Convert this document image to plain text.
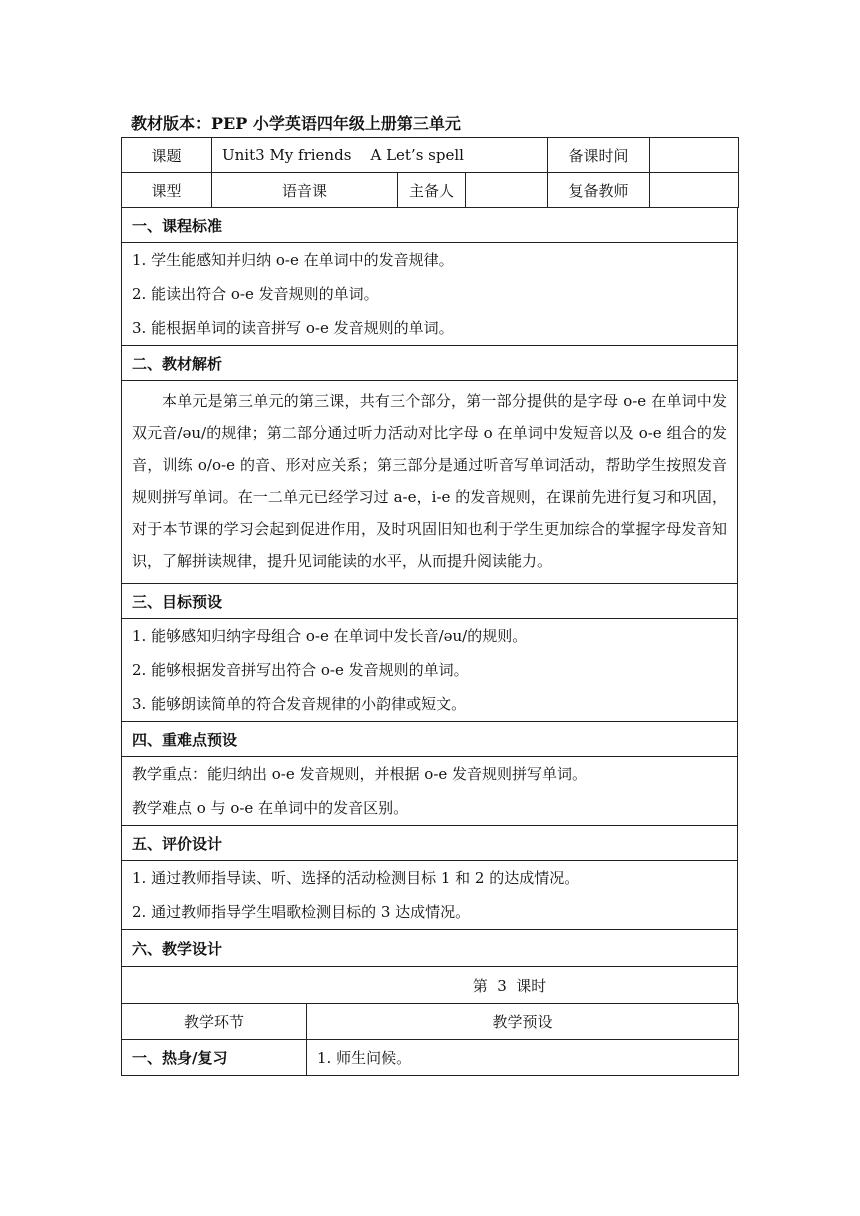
教材版本：PEP 小学英语四年级上册第三单元
课题	Unit3 My friends    A Let’s spell			备课时间	
课型	语音课	主备人		复备教师	
一、课程标准

1. 学生能感知并归纳 o-e 在单词中的发音规律。
2. 能读出符合 o-e 发音规则的单词。
3. 能根据单词的读音拼写 o-e 发音规则的单词。

二、教材解析
本单元是第三单元的第三课，共有三个部分，第一部分提供的是字母 o-e 在单词中发双元音/əu/的规律；第二部分通过听力活动对比字母 o 在单词中发短音以及 o-e 组合的发音，训练 o/o-e 的音、形对应关系；第三部分是通过听音写单词活动，帮助学生按照发音规则拼写单词。在一二单元已经学习过 a-e，i-e 的发音规则，在课前先进行复习和巩固，对于本节课的学习会起到促进作用，及时巩固旧知也利于学生更加综合的掌握字母发音知识，了解拼读规律，提升见词能读的水平，从而提升阅读能力。
三、目标预设

1. 能够感知归纳字母组合 o-e 在单词中发长音/əu/的规则。
2. 能够根据发音拼写出符合 o-e 发音规则的单词。
3. 能够朗读简单的符合发音规律的小韵律或短文。

四、重难点预设

教学重点：能归纳出 o-e 发音规则，并根据 o-e 发音规则拼写单词。
教学难点 o 与 o-e 在单词中的发音区别。

五、评价设计

1. 通过教师指导读、听、选择的活动检测目标 1 和 2 的达成情况。
2. 通过教师指导学生唱歌检测目标的 3 达成情况。

六、教学设计
第  3  课时
教学环节	教学预设
一、热身/复习	1. 师生问候。
